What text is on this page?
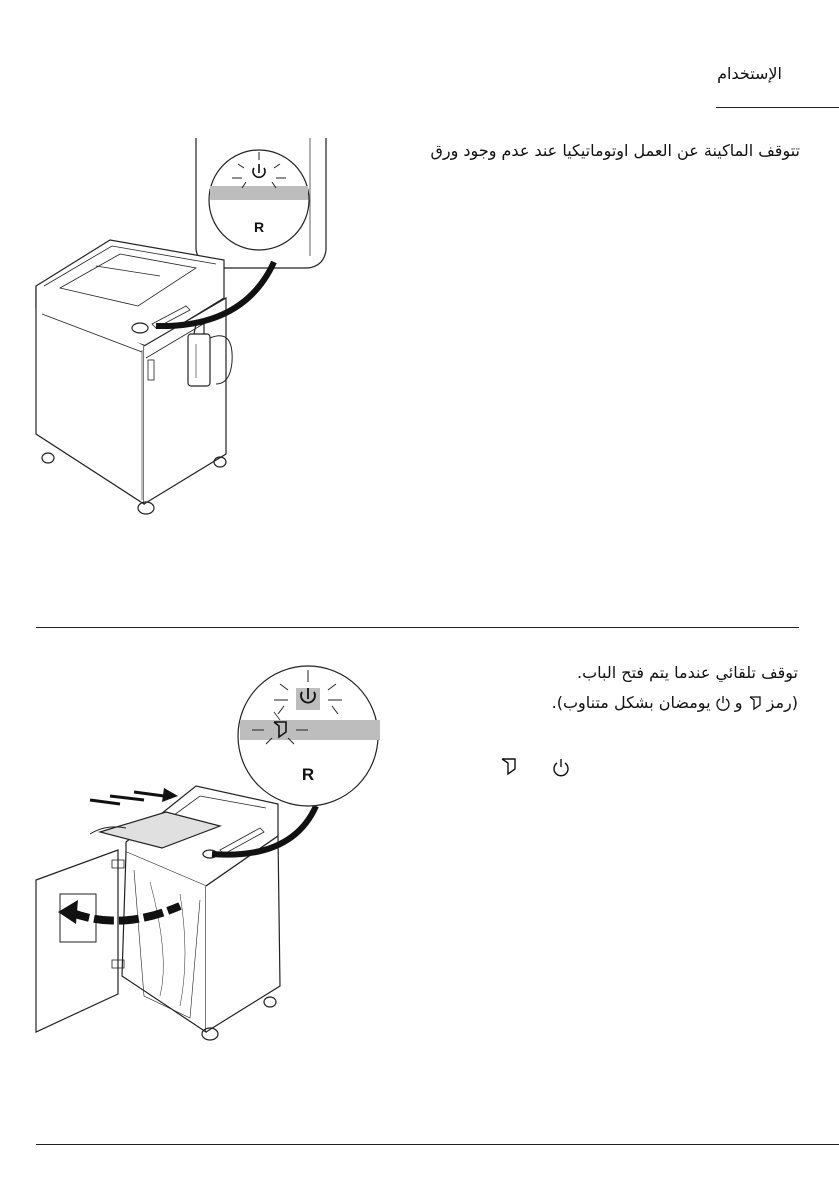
الإستخدام
تتوقف الماكينة عن العمل اوتوماتيكيا عند عدم وجود ورق
R
توقف تلقائي عندما يتم فتح الباب.
(رمز
و
يومضان بشكل متناوب).
R
